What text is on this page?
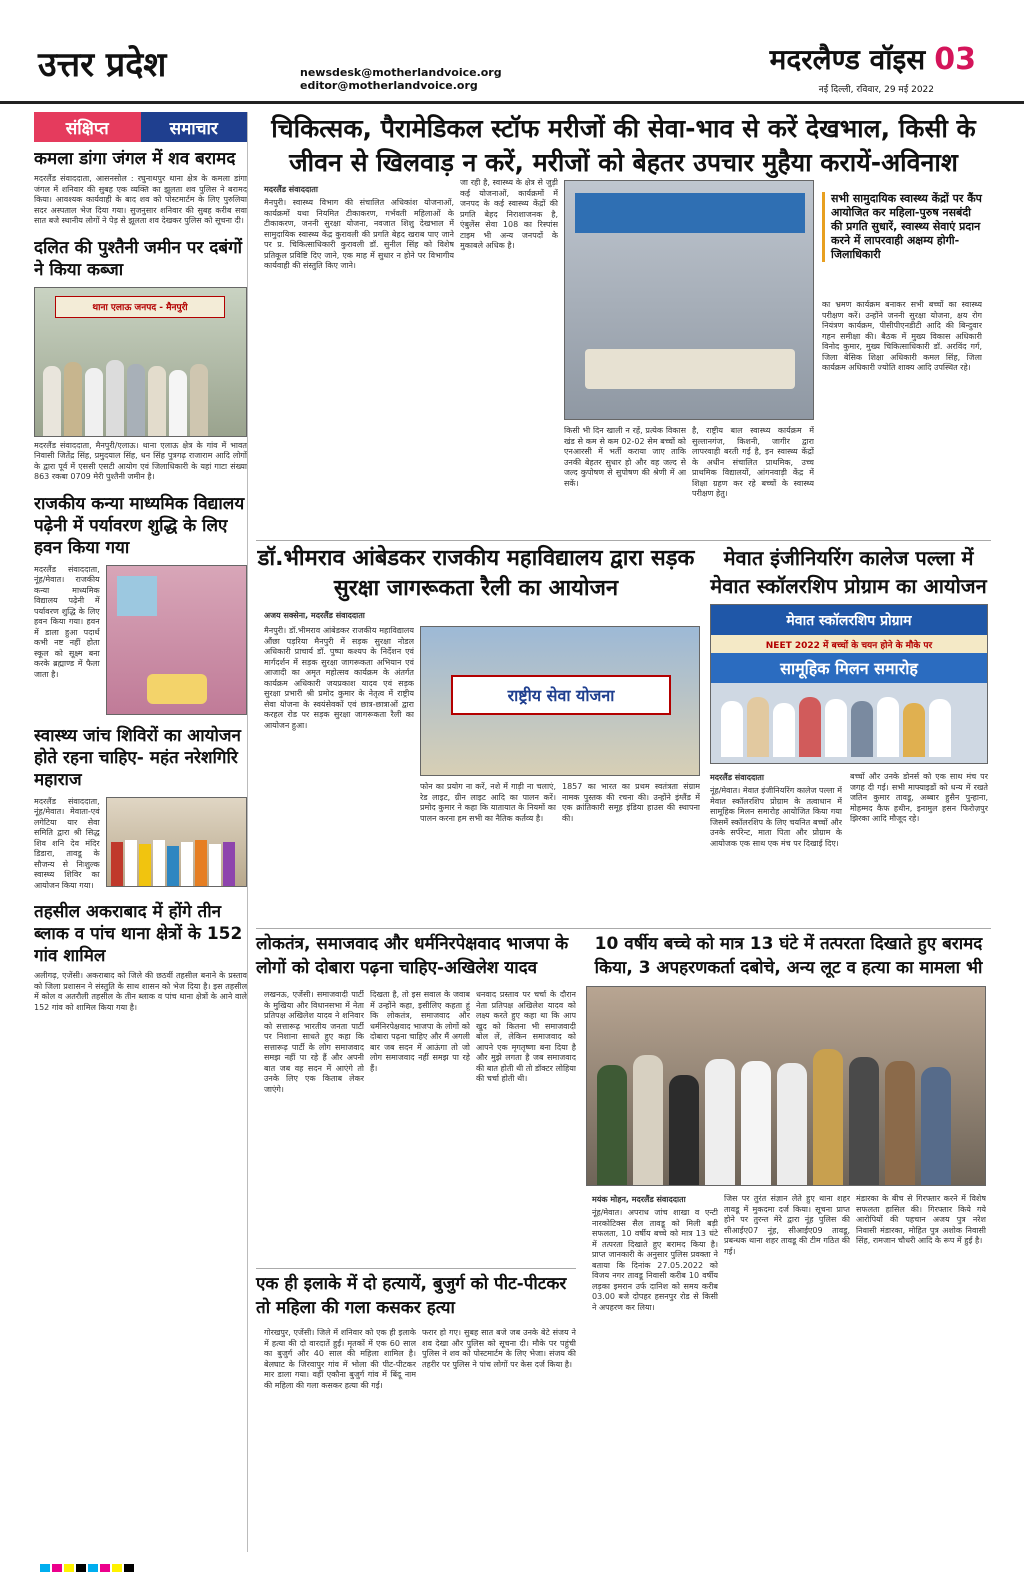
उत्तर प्रदेश	newsdesk@motherlandvoice.org
editor@motherlandvoice.org
मदरलैण्ड वॉइस 03
नई दिल्ली, रविवार, 29 मई 2022
संक्षिप्त	समाचार
कमला डांगा जंगल में शव बरामद
मदरलैंड संवाददाता, आसनसोल : रघुनाथपुर थाना क्षेत्र के कमला डांगा जंगल में शनिवार की सुबह एक व्यक्ति का झूलता शव पुलिस ने बरामद किया। आवश्यक कार्यवाही के बाद शव को पोस्टमार्टम के लिए पुरुलिया सदर अस्पताल भेज दिया गया। सुजनुसार शनिवार की सुबह करीब सवा सात बजे स्थानीय लोगों ने पेड़ से झूलता शव देखकर पुलिस को सूचना दी।
दलित की पुश्तैनी जमीन पर दबंगों ने किया कब्जा
थाना एलाऊ जनपद - मैनपुरी
मदरलैंड संवाददाता, मैनपुरी/एलाऊ। थाना एलाऊ क्षेत्र के गांव में भावत निवासी जितेंद्र सिंह, प्रमुदयाल सिंह, धन सिंह पुत्रगढ़ राजाराम आदि लोगों के द्वारा पूर्व में एससी एसटी आयोग एवं जिलाधिकारी के यहां गाटा संख्या 863 रकबा 0709 मेरी पुश्तैनी जमीन है।
राजकीय कन्या माध्यमिक विद्यालय पढ़ेनी में पर्यावरण शुद्धि के लिए हवन किया गया
मदरलैंड संवाददाता, नूंह/मेवात। राजकीय कन्या माध्यमिक विद्यालय पढ़ेनी में पर्यावरण शुद्धि के लिए हवन किया गया। हवन में डाला हुआ पदार्थ कभी नष्ट नहीं होता स्कूल को सूक्ष्म बना करके ब्रह्माण्ड में फैला जाता है।
स्वास्थ्य जांच शिविरों का आयोजन होते रहना चाहिए- महंत नरेशगिरि महाराज
मदरलैंड संवाददाता, नूंह/मेवात। मेवाता-एवं लगेटिया यार सेवा समिति द्वारा श्री सिद्ध शिव शनि देव मंदिर डिडारा, तावडू के सौजन्य से निःशुल्क स्वास्थ्य शिविर का आयोजन किया गया।
तहसील अकराबाद में होंगे तीन ब्लाक व पांच थाना क्षेत्रों के 152 गांव शामिल
अलीगढ़, एजेंसी। अकराबाद को जिले की छठवीं तहसील बनाने के प्रस्ताव को जिला प्रशासन ने संस्तुति के साथ शासन को भेज दिया है। इस तहसील में कोल व अतरौली तहसील के तीन ब्लाक व पांच थाना क्षेत्रों के आने वाले 152 गांव को शामिल किया गया है।
चिकित्सक, पैरामेडिकल स्टॉफ मरीजों की सेवा-भाव से करें देखभाल, किसी के जीवन से खिलवाड़ न करें, मरीजों को बेहतर उपचार मुहैया करायें-अविनाश
मदरलैंड संवाददाता
मैनपुरी। स्वास्थ्य विभाग की संचालित अधिकांश योजनाओं, कार्यक्रमों यथा नियमित टीकाकरण, गर्भवती महिलाओं के टीकाकरण, जननी सुरक्षा योजना, नवजात शिशु देखभाल में सामुदायिक स्वास्थ्य केंद्र कुरावली की प्रगति बेहद खराब पाए जाने पर प्र. चिकित्साधिकारी कुरावली डॉ. सुनील सिंह को विशेष प्रतिकूल प्रविष्टि दिए जाने, एक माह में सुधार न होने पर विभागीय कार्यवाही की संस्तुति किए जाने।
जा रही है, स्वास्थ्य के क्षेत्र से जुड़ी कई योजनाओं, कार्यक्रमों में जनपद के कई स्वास्थ्य केंद्रों की प्रगति बेहद निराशाजनक है, एंबुलेंस सेवा 108 का रिस्पांस टाइम भी अन्य जनपदों के मुकाबले अधिक है।
किसी भी दिन खाली न रहें, प्रत्येक विकास खंड से कम से कम 02-02 सेम बच्चों को एनआरसी में भर्ती कराया जाए ताकि उनकी बेहतर सुधार हो और वह जल्द से जल्द कुपोषण से सुपोषण की श्रेणी में आ सकें।
है, राष्ट्रीय बाल स्वास्थ्य कार्यक्रम में सुल्तानगंज, किशनी, जागीर द्वारा लापरवाही बरती गई है, इन स्वास्थ्य केंद्रों के अधीन संचालित प्राथमिक, उच्च प्राथमिक विद्यालयों, आंगनवाड़ी केंद्र में शिक्षा ग्रहण कर रहे बच्चों के स्वास्थ्य परीक्षण हेतु।
सभी सामुदायिक स्वास्थ्य केंद्रों पर कैंप आयोजित कर महिला-पुरुष नसबंदी की प्रगति सुधारें, स्वास्थ्य सेवाएं प्रदान करने में लापरवाही अक्षम्य होगी-जिलाधिकारी
का भ्रमण कार्यक्रम बनाकर सभी बच्चों का स्वास्थ्य परीक्षण करें। उन्होंने जननी सुरक्षा योजना, क्षय रोग नियंत्रण कार्यक्रम, पीसीपीएनडीटी आदि की बिन्दुवार गहन समीक्षा की। बैठक में मुख्य विकास अधिकारी विनोद कुमार, मुख्य चिकित्साधिकारी डॉ. अरविंद गर्ग, जिला बेसिक शिक्षा अधिकारी कमल सिंह, जिला कार्यक्रम अधिकारी ज्योति शाक्य आदि उपस्थित रहे।
डॉ.भीमराव आंबेडकर राजकीय महाविद्यालय द्वारा सड़क सुरक्षा जागरूकता रैली का आयोजन
अजय सक्सेना, मदरलैंड संवाददाता
मैनपुरी। डॉ.भीमराव आंबेडकर राजकीय महाविद्यालय औंछा पड़रिया मैनपुरी में सड़क सुरक्षा नोडल अधिकारी प्राचार्य डॉ. पुष्पा कश्यप के निर्देशन एवं मार्गदर्शन में सड़क सुरक्षा जागरूकता अभियान एवं आजादी का अमृत महोत्सव कार्यक्रम के अंतर्गत कार्यक्रम अधिकारी जयप्रकाश यादव एवं सड़क सुरक्षा प्रभारी श्री प्रमोद कुमार के नेतृत्व में राष्ट्रीय सेवा योजना के स्वयंसेवकों एवं छात्र-छात्राओं द्वारा करहल रोड पर सड़क सुरक्षा जागरूकता रैली का आयोजन हुआ।
राष्ट्रीय सेवा योजना
फोन का प्रयोग ना करें, नशे में गाड़ी ना चलाएं, रेड लाइट, ग्रीन लाइट आदि का पालन करें। प्रमोद कुमार ने कहा कि यातायात के नियमों का पालन करना हम सभी का नैतिक कर्तव्य है।
1857 का भारत का प्रथम स्वतंत्रता संग्राम नामक पुस्तक की रचना की। उन्होंने इंग्लैंड में एक क्रांतिकारी समूह इंडिया हाउस की स्थापना की।
मेवात इंजीनियरिंग कालेज पल्ला में मेवात स्कॉलरशिप प्रोग्राम का आयोजन
मेवात स्कॉलरशिप प्रोग्राम
NEET 2022 में बच्चों के चयन होने के मौके पर
सामूहिक मिलन समारोह
मदरलैंड संवाददाता
नूंह/मेवात। मेवात इंजीनियरिंग कालेज पल्ला में मेवात स्कॉलरशिप प्रोग्राम के तत्वाधान में सामूहिक मिलन समारोह आयोजित किया गया जिसमें स्कॉलरशिप के लिए चयनित बच्चों और उनके सर्परेन्ट, माता पिता और प्रोग्राम के आयोजक एक साथ एक मंच पर दिखाई दिए।
बच्चों और उनके डोनर्स को एक साथ मंच पर जगह दी गई। सभी माफ्याइडों को धन्य में रखते जतिन कुमार तावडू, अब्बार हुसैन पुन्हाना, मोहम्मद कैफ हथीन, इनामुल हसन फिरोज़पुर झिरका आदि मौजूद रहे।
लोकतंत्र, समाजवाद और धर्मनिरपेक्षवाद भाजपा के लोगों को दोबारा पढ़ना चाहिए-अखिलेश यादव
लखनऊ, एजेंसी। समाजवादी पार्टी के मुखिया और विधानसभा में नेता प्रतिपक्ष अखिलेश यादव ने शनिवार को सत्तारूढ़ भारतीय जनता पार्टी पर निशाना साधते हुए कहा कि सत्तारूढ़ पार्टी के लोग समाजवाद समझ नहीं पा रहे हैं और अपनी बात जब वह सदन में आएंगे तो उनके लिए एक किताब लेकर जाएंगे।
दिखता है, तो इस सवाल के जवाब में उन्होंने कहा, इसीलिए कहता हूं कि लोकतंत्र, समाजवाद और धर्मनिरपेक्षवाद भाजपा के लोगों को दोबारा पढ़ना चाहिए और मैं अगली बार जब सदन में आऊंगा तो जो लोग समाजवाद नहीं समझ पा रहे हैं।
धनवाद प्रस्ताव पर चर्चा के दौरान नेता प्रतिपक्ष अखिलेश यादव को लक्ष्य करते हुए कहा था कि आप खुद को कितना भी समाजवादी बोल लें, लेकिन समाजवाद को आपने एक मृगतृष्णा बना दिया है और मुझे लगता है जब समाजवाद की बात होती थी तो डॉक्टर लोहिया की चर्चा होती थी।
एक ही इलाके में दो हत्यायें, बुजुर्ग को पीट-पीटकर तो महिला की गला कसकर हत्या
गोरखपुर, एजेंसी। जिले में शनिवार को एक ही इलाके में हत्या की दो वारदातें हुईं। मृतकों में एक 60 साल का बुजुर्ग और 40 साल की महिला शामिल है। बेलघाट के जिरवापुर गांव में भोला की पीट-पीटकर मार डाला गया। वहीं एकौना बुजुर्ग गांव में बिंदू नाम की महिला की गला कसकर हत्या की गई।
फरार हो गए। सुबह सात बजे जब उनके बेटे संजय ने शव देखा और पुलिस को सूचना दी। मौके पर पहुंची पुलिस ने शव को पोस्टमार्टम के लिए भेजा। संजय की तहरीर पर पुलिस ने पांच लोगों पर केस दर्ज किया है।
10 वर्षीय बच्चे को मात्र 13 घंटे में तत्परता दिखाते हुए बरामद किया, 3 अपहरणकर्ता दबोचे, अन्य लूट व हत्या का मामला भी
मयंक मोहन, मदरलैंड संवाददाता
नूंह/मेवात। अपराध जांच शाखा व एन्टी नारकोटिक्स सैल तावडू को मिली बड़ी सफलता, 10 वर्षीय बच्चे को मात्र 13 घंटे में तत्परता दिखाते हुए बरामद किया है। प्राप्त जानकारी के अनुसार पुलिस प्रवक्ता ने बताया कि दिनांक 27.05.2022 को विजय नगर तावडू निवासी करीब 10 वर्षीय लड़का इमरान उर्फ दानिश को समय करीब 03.00 बजे दोपहर हसनपुर रोड से किसी ने अपहरण कर लिया।
जिस पर तुरंत संज्ञान लेते हुए थाना शहर तावडू में मुकदमा दर्ज किया। सूचना प्राप्त होने पर तुरन्त मेरे द्वारा नूंह पुलिस की सीआईए07 नूंह, सीआईए09 तावडू, प्रबन्धक थाना शहर तावडू की टीम गठित की गई।
मंडारका के बीच से गिरफ्तार करने में विशेष सफलता हासिल की। गिरफ्तार किये गये आरोपियों की पहचान अजय पुत्र नरेश निवासी मंडारका, मोहित पुत्र अशोक निवासी सिंह, रामजान चौधरी आदि के रूप में हुई है।
